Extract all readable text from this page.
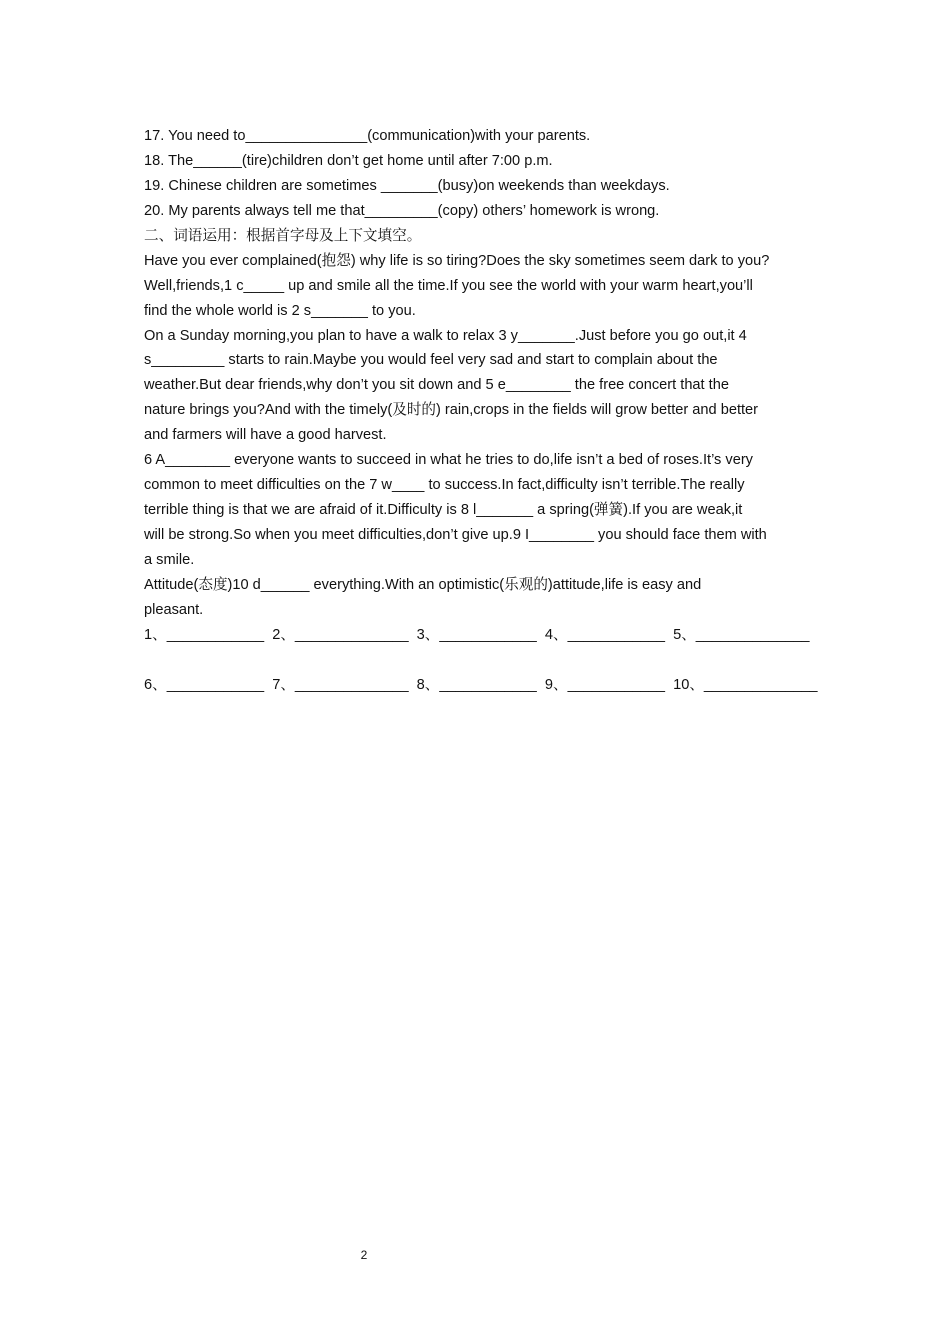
17. You need to_______________(communication)with your parents.
18. The______(tire)children don’t get home until after 7:00 p.m.
19. Chinese children are sometimes _______(busy)on weekends than weekdays.
20. My parents always tell me that_________(copy) others’ homework is wrong.
二、词语运用：根据首字母及上下文填空。
Have you ever complained(抱怨) why life is so tiring?Does the sky sometimes seem dark to you?
Well,friends,1 c_____ up and smile all the time.If you see the world with your warm heart,you’ll
find the whole world is 2 s_______ to you.
On a Sunday morning,you plan to have a walk to relax 3 y_______.Just before you go out,it 4
s_________ starts to rain.Maybe you would feel very sad and start to complain about the
weather.But dear friends,why don’t you sit down and 5 e________ the free concert that the
nature brings you?And with the timely(及时的) rain,crops in the fields will grow better and better
and farmers will have a good harvest.
6 A________ everyone wants to succeed in what he tries to do,life isn’t a bed of roses.It’s very
common to meet difficulties on the 7 w____ to success.In fact,difficulty isn’t terrible.The really
terrible thing is that we are afraid of it.Difficulty is 8 l_______ a spring(弹簧).If you are weak,it
will be strong.So when you meet difficulties,don’t give up.9 I________ you should face them with
a smile.
Attitude(态度)10 d______ everything.With an optimistic(乐观的)attitude,life is easy and
pleasant.
1、____________  2、______________  3、____________  4、____________  5、______________
6、____________  7、______________  8、____________  9、____________  10、______________
2
